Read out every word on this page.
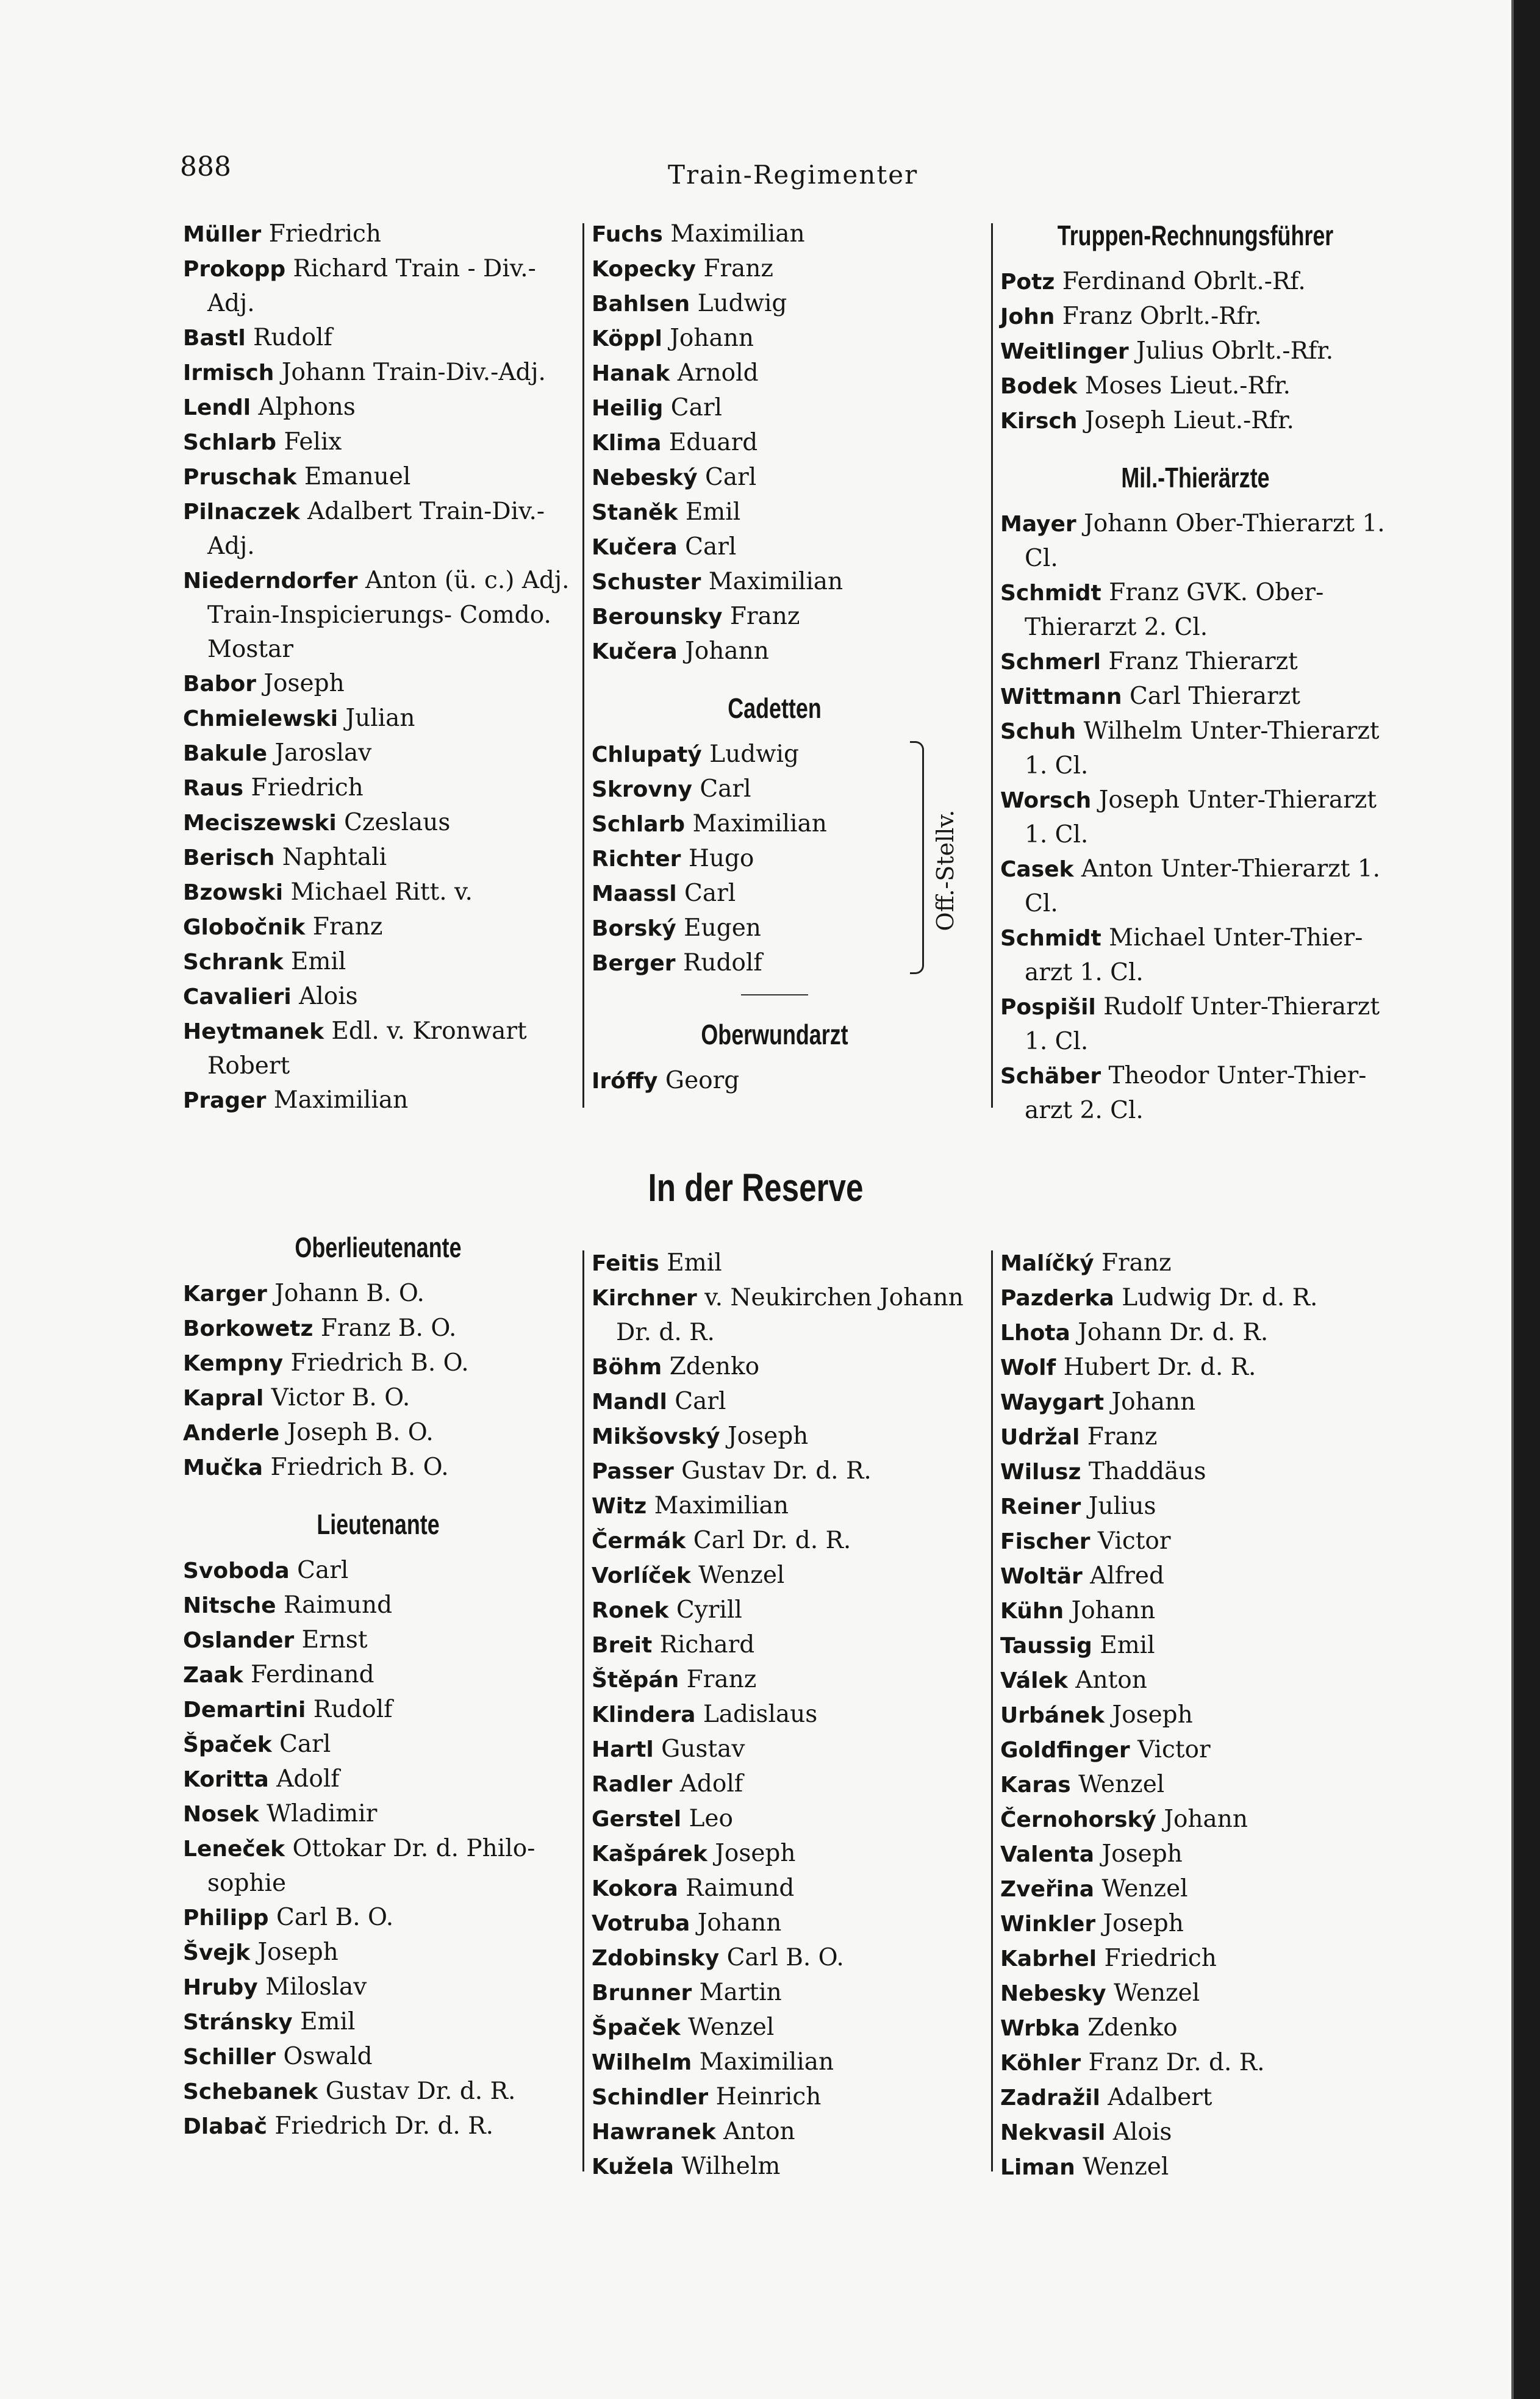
888	Train-Regimenter
Müller Friedrich
Prokopp Richard Train - Div.- Adj.
Bastl Rudolf
Irmisch Johann Train-Div.-Adj.
Lendl Alphons
Schlarb Felix
Pruschak Emanuel
Pilnaczek Adalbert Train-Div.- Adj.
Niederndorfer Anton (ü. c.) Adj. Train-Inspicierungs- Comdo. Mostar
Babor Joseph
Chmielewski Julian
Bakule Jaroslav
Raus Friedrich
Meciszewski Czeslaus
Berisch Naphtali
Bzowski Michael Ritt. v.
Globočnik Franz
Schrank Emil
Cavalieri Alois
Heytmanek Edl. v. Kronwart Robert
Prager Maximilian
Fuchs Maximilian
Kopecky Franz
Bahlsen Ludwig
Köppl Johann
Hanak Arnold
Heilig Carl
Klima Eduard
Nebeský Carl
Staněk Emil
Kučera Carl
Schuster Maximilian
Berounsky Franz
Kučera Johann
Cadetten
Chlupatý Ludwig
Skrovny Carl
Schlarb Maximilian
Richter Hugo
Maassl Carl
Borský Eugen
Berger Rudolf
Off.-Stellv.
Oberwundarzt
Iróffy Georg
Truppen-Rechnungsführer
Potz Ferdinand Obrlt.-Rf.
John Franz Obrlt.-Rfr.
Weitlinger Julius Obrlt.-Rfr.
Bodek Moses Lieut.-Rfr.
Kirsch Joseph Lieut.-Rfr.
Mil.-Thierärzte
Mayer Johann Ober-Thierarzt 1. Cl.
Schmidt Franz GVK. Ober- Thierarzt 2. Cl.
Schmerl Franz Thierarzt
Wittmann Carl Thierarzt
Schuh Wilhelm Unter-Thierarzt 1. Cl.
Worsch Joseph Unter-Thierarzt 1. Cl.
Casek Anton Unter-Thierarzt 1. Cl.
Schmidt Michael Unter-Thier- arzt 1. Cl.
Pospišil Rudolf Unter-Thierarzt 1. Cl.
Schäber Theodor Unter-Thier- arzt 2. Cl.
In der Reserve
Oberlieutenante
Karger Johann B. O.
Borkowetz Franz B. O.
Kempny Friedrich B. O.
Kapral Victor B. O.
Anderle Joseph B. O.
Mučka Friedrich B. O.
Lieutenante
Svoboda Carl
Nitsche Raimund
Oslander Ernst
Zaak Ferdinand
Demartini Rudolf
Špaček Carl
Koritta Adolf
Nosek Wladimir
Leneček Ottokar Dr. d. Philo- sophie
Philipp Carl B. O.
Švejk Joseph
Hruby Miloslav
Stránsky Emil
Schiller Oswald
Schebanek Gustav Dr. d. R.
Dlabač Friedrich Dr. d. R.
Feitis Emil
Kirchner v. Neukirchen Johann Dr. d. R.
Böhm Zdenko
Mandl Carl
Mikšovský Joseph
Passer Gustav Dr. d. R.
Witz Maximilian
Čermák Carl Dr. d. R.
Vorlíček Wenzel
Ronek Cyrill
Breit Richard
Štěpán Franz
Klindera Ladislaus
Hartl Gustav
Radler Adolf
Gerstel Leo
Kašpárek Joseph
Kokora Raimund
Votruba Johann
Zdobinsky Carl B. O.
Brunner Martin
Špaček Wenzel
Wilhelm Maximilian
Schindler Heinrich
Hawranek Anton
Kužela Wilhelm
Malíčký Franz
Pazderka Ludwig Dr. d. R.
Lhota Johann Dr. d. R.
Wolf Hubert Dr. d. R.
Waygart Johann
Udržal Franz
Wilusz Thaddäus
Reiner Julius
Fischer Victor
Woltär Alfred
Kühn Johann
Taussig Emil
Válek Anton
Urbánek Joseph
Goldfinger Victor
Karas Wenzel
Černohorský Johann
Valenta Joseph
Zveřina Wenzel
Winkler Joseph
Kabrhel Friedrich
Nebesky Wenzel
Wrbka Zdenko
Köhler Franz Dr. d. R.
Zadražil Adalbert
Nekvasil Alois
Liman Wenzel
